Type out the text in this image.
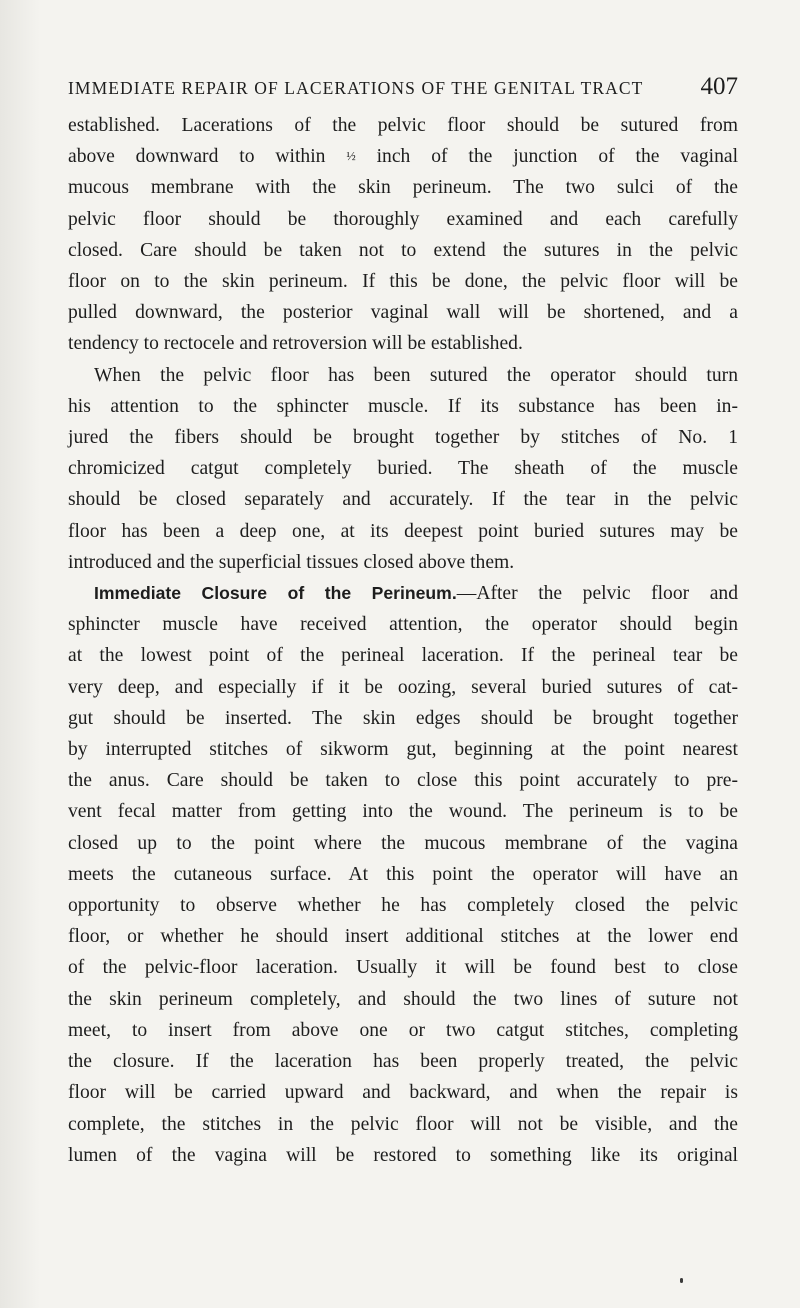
IMMEDIATE REPAIR OF LACERATIONS OF THE GENITAL TRACT 407

established. Lacerations of the pelvic floor should be sutured from

above downward to within ½ inch of the junction of the vaginal

mucous membrane with the skin perineum. The two sulci of the

pelvic floor should be thoroughly examined and each carefully

closed. Care should be taken not to extend the sutures in the pelvic

floor on to the skin perineum. If this be done, the pelvic floor will be

pulled downward, the posterior vaginal wall will be shortened, and a

tendency to rectocele and retroversion will be established.

When the pelvic floor has been sutured the operator should turn

his attention to the sphincter muscle. If its substance has been in-

jured the fibers should be brought together by stitches of No. 1

chromicized catgut completely buried. The sheath of the muscle

should be closed separately and accurately. If the tear in the pelvic

floor has been a deep one, at its deepest point buried sutures may be

introduced and the superficial tissues closed above them.

Immediate Closure of the Perineum.—After the pelvic floor and

sphincter muscle have received attention, the operator should begin

at the lowest point of the perineal laceration. If the perineal tear be

very deep, and especially if it be oozing, several buried sutures of cat-

gut should be inserted. The skin edges should be brought together

by interrupted stitches of sikworm gut, beginning at the point nearest

the anus. Care should be taken to close this point accurately to pre-

vent fecal matter from getting into the wound. The perineum is to be

closed up to the point where the mucous membrane of the vagina

meets the cutaneous surface. At this point the operator will have an

opportunity to observe whether he has completely closed the pelvic

floor, or whether he should insert additional stitches at the lower end

of the pelvic-floor laceration. Usually it will be found best to close

the skin perineum completely, and should the two lines of suture not

meet, to insert from above one or two catgut stitches, completing

the closure. If the laceration has been properly treated, the pelvic

floor will be carried upward and backward, and when the repair is

complete, the stitches in the pelvic floor will not be visible, and the

lumen of the vagina will be restored to something like its original
